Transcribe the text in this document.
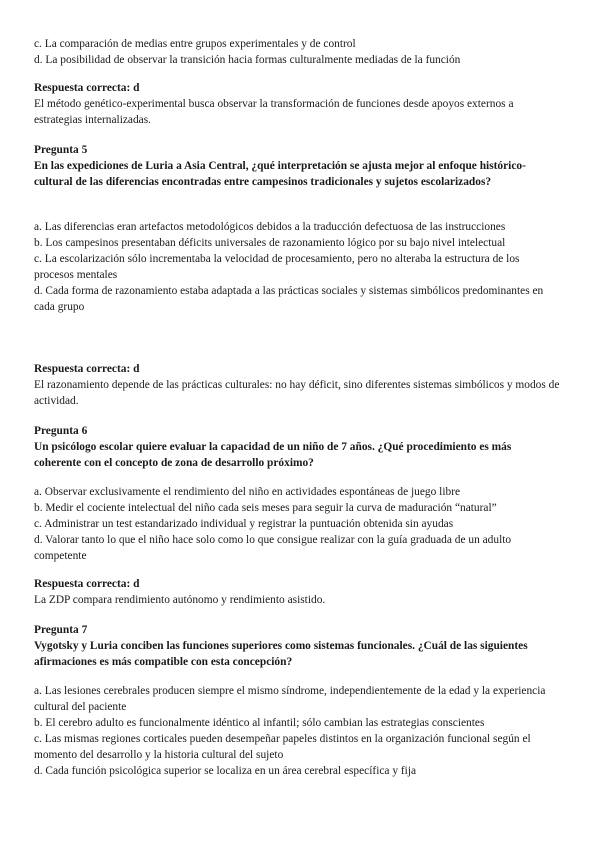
c. La comparación de medias entre grupos experimentales y de control

d. La posibilidad de observar la transición hacia formas culturalmente mediadas de la función

Respuesta correcta: d

El método genético-experimental busca observar la transformación de funciones desde apoyos externos a estrategias internalizadas.

Pregunta 5

En las expediciones de Luria a Asia Central, ¿qué interpretación se ajusta mejor al enfoque histórico-cultural de las diferencias encontradas entre campesinos tradicionales y sujetos escolarizados?

a. Las diferencias eran artefactos metodológicos debidos a la traducción defectuosa de las instrucciones

b. Los campesinos presentaban déficits universales de razonamiento lógico por su bajo nivel intelectual

c. La escolarización sólo incrementaba la velocidad de procesamiento, pero no alteraba la estructura de los procesos mentales

d. Cada forma de razonamiento estaba adaptada a las prácticas sociales y sistemas simbólicos predominantes en cada grupo

Respuesta correcta: d

El razonamiento depende de las prácticas culturales: no hay déficit, sino diferentes sistemas simbólicos y modos de actividad.

Pregunta 6

Un psicólogo escolar quiere evaluar la capacidad de un niño de 7 años. ¿Qué procedimiento es más coherente con el concepto de zona de desarrollo próximo?

a. Observar exclusivamente el rendimiento del niño en actividades espontáneas de juego libre

b. Medir el cociente intelectual del niño cada seis meses para seguir la curva de maduración “natural”

c. Administrar un test estandarizado individual y registrar la puntuación obtenida sin ayudas

d. Valorar tanto lo que el niño hace solo como lo que consigue realizar con la guía graduada de un adulto competente

Respuesta correcta: d

La ZDP compara rendimiento autónomo y rendimiento asistido.

Pregunta 7

Vygotsky y Luria conciben las funciones superiores como sistemas funcionales. ¿Cuál de las siguientes afirmaciones es más compatible con esta concepción?

a. Las lesiones cerebrales producen siempre el mismo síndrome, independientemente de la edad y la experiencia cultural del paciente

b. El cerebro adulto es funcionalmente idéntico al infantil; sólo cambian las estrategias conscientes

c. Las mismas regiones corticales pueden desempeñar papeles distintos en la organización funcional según el momento del desarrollo y la historia cultural del sujeto

d. Cada función psicológica superior se localiza en un área cerebral específica y fija
